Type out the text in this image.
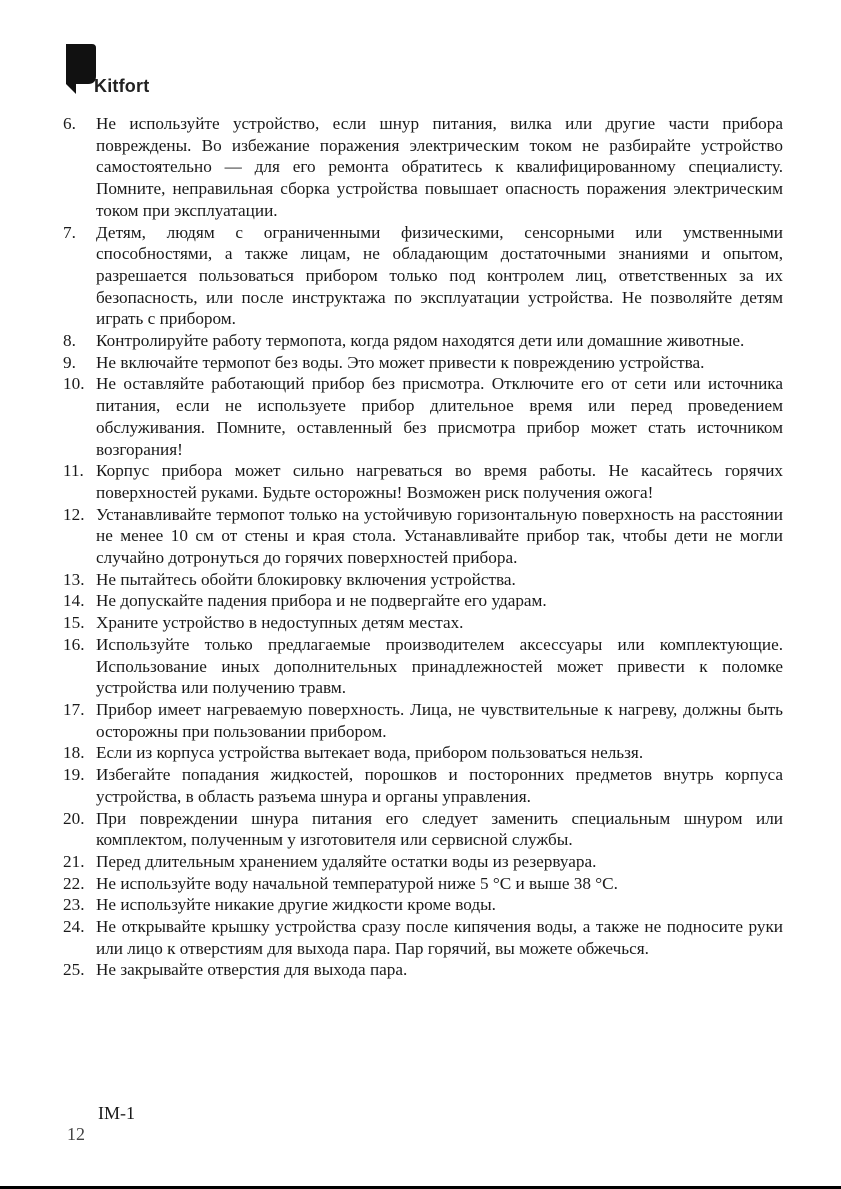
Kitfort
6.	Не используйте устройство, если шнур питания, вилка или другие части прибора повреждены. Во избежание поражения электрическим током не разбирайте устройство самостоятельно — для его ремонта обратитесь к квалифицированному специалисту. Помните, неправильная сборка устройства повышает опасность поражения электрическим током при эксплуатации.
7.	Детям, людям с ограниченными физическими, сенсорными или умственными способностями, а также лицам, не обладающим достаточными знаниями и опытом, разрешается пользоваться прибором только под контролем лиц, ответственных за их безопасность, или после инструктажа по эксплуатации устройства. Не позволяйте детям играть с прибором.
8.	Контролируйте работу термопота, когда рядом находятся дети или домашние животные.
9.	Не включайте термопот без воды. Это может привести к повреждению устройства.
10. Не оставляйте работающий прибор без присмотра. Отключите его от сети или источника питания, если не используете прибор длительное время или перед проведением обслуживания. Помните, оставленный без присмотра прибор может стать источником возгорания!
11. Корпус прибора может сильно нагреваться во время работы. Не касайтесь горячих поверхностей руками. Будьте осторожны! Возможен риск получения ожога!
12. Устанавливайте термопот только на устойчивую горизонтальную поверхность на расстоянии не менее 10 см от стены и края стола. Устанавливайте прибор так, чтобы дети не могли случайно дотронуться до горячих поверхностей прибора.
13. Не пытайтесь обойти блокировку включения устройства.
14. Не допускайте падения прибора и не подвергайте его ударам.
15. Храните устройство в недоступных детям местах.
16. Используйте только предлагаемые производителем аксессуары или комплектующие. Использование иных дополнительных принадлежностей может привести к поломке устройства или получению травм.
17. Прибор имеет нагреваемую поверхность. Лица, не чувствительные к нагреву, должны быть осторожны при пользовании прибором.
18. Если из корпуса устройства вытекает вода, прибором пользоваться нельзя.
19. Избегайте попадания жидкостей, порошков и посторонних предметов внутрь корпуса устройства, в область разъема шнура и органы управления.
20. При повреждении шнура питания его следует заменить специальным шнуром или комплектом, полученным у изготовителя или сервисной службы.
21. Перед длительным хранением удаляйте остатки воды из резервуара.
22. Не используйте воду начальной температурой ниже 5 °C и выше 38 °C.
23. Не используйте никакие другие жидкости кроме воды.
24. Не открывайте крышку устройства сразу после кипячения воды, а также не подносите руки или лицо к отверстиям для выхода пара. Пар горячий, вы можете обжечься.
25. Не закрывайте отверстия для выхода пара.
IM-1
12
